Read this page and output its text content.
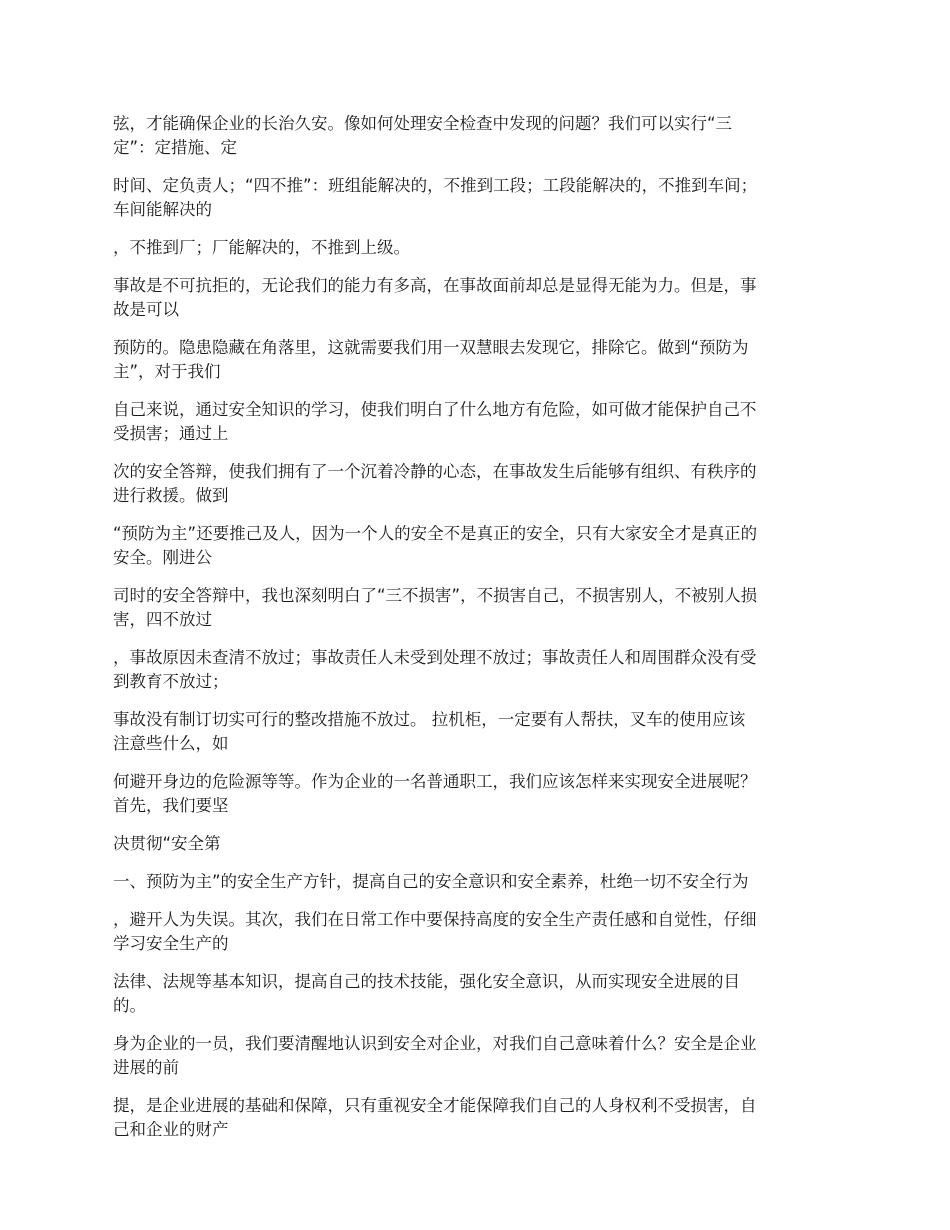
弦，才能确保企业的长治久安。像如何处理安全检查中发现的问题？我们可以实行“三
定”：定措施、定

时间、定负责人；“四不推”：班组能解决的，不推到工段；工段能解决的，不推到车间；
车间能解决的

，不推到厂；厂能解决的，不推到上级。

事故是不可抗拒的，无论我们的能力有多高，在事故面前却总是显得无能为力。但是，事
故是可以

预防的。隐患隐藏在角落里，这就需要我们用一双慧眼去发现它，排除它。做到“预防为
主”，对于我们

自己来说，通过安全知识的学习，使我们明白了什么地方有危险，如可做才能保护自己不
受损害；通过上

次的安全答辩，使我们拥有了一个沉着冷静的心态，在事故发生后能够有组织、有秩序的
进行救援。做到

“预防为主”还要推己及人，因为一个人的安全不是真正的安全，只有大家安全才是真正的
安全。刚进公

司时的安全答辩中，我也深刻明白了“三不损害”，不损害自己，不损害别人，不被别人损
害，四不放过

，事故原因未查清不放过；事故责任人未受到处理不放过；事故责任人和周围群众没有受
到教育不放过；

事故没有制订切实可行的整改措施不放过。 拉机柜，一定要有人帮扶，叉车的使用应该
注意些什么，如

何避开身边的危险源等等。作为企业的一名普通职工，我们应该怎样来实现安全进展呢？
首先，我们要坚

决贯彻“安全第

一、预防为主”的安全生产方针，提高自己的安全意识和安全素养，杜绝一切不安全行为

，避开人为失误。其次，我们在日常工作中要保持高度的安全生产责任感和自觉性，仔细
学习安全生产的

法律、法规等基本知识，提高自己的技术技能，强化安全意识，从而实现安全进展的目
的。

身为企业的一员，我们要清醒地认识到安全对企业，对我们自己意味着什么？安全是企业
进展的前

提，是企业进展的基础和保障，只有重视安全才能保障我们自己的人身权利不受损害，自
己和企业的财产
